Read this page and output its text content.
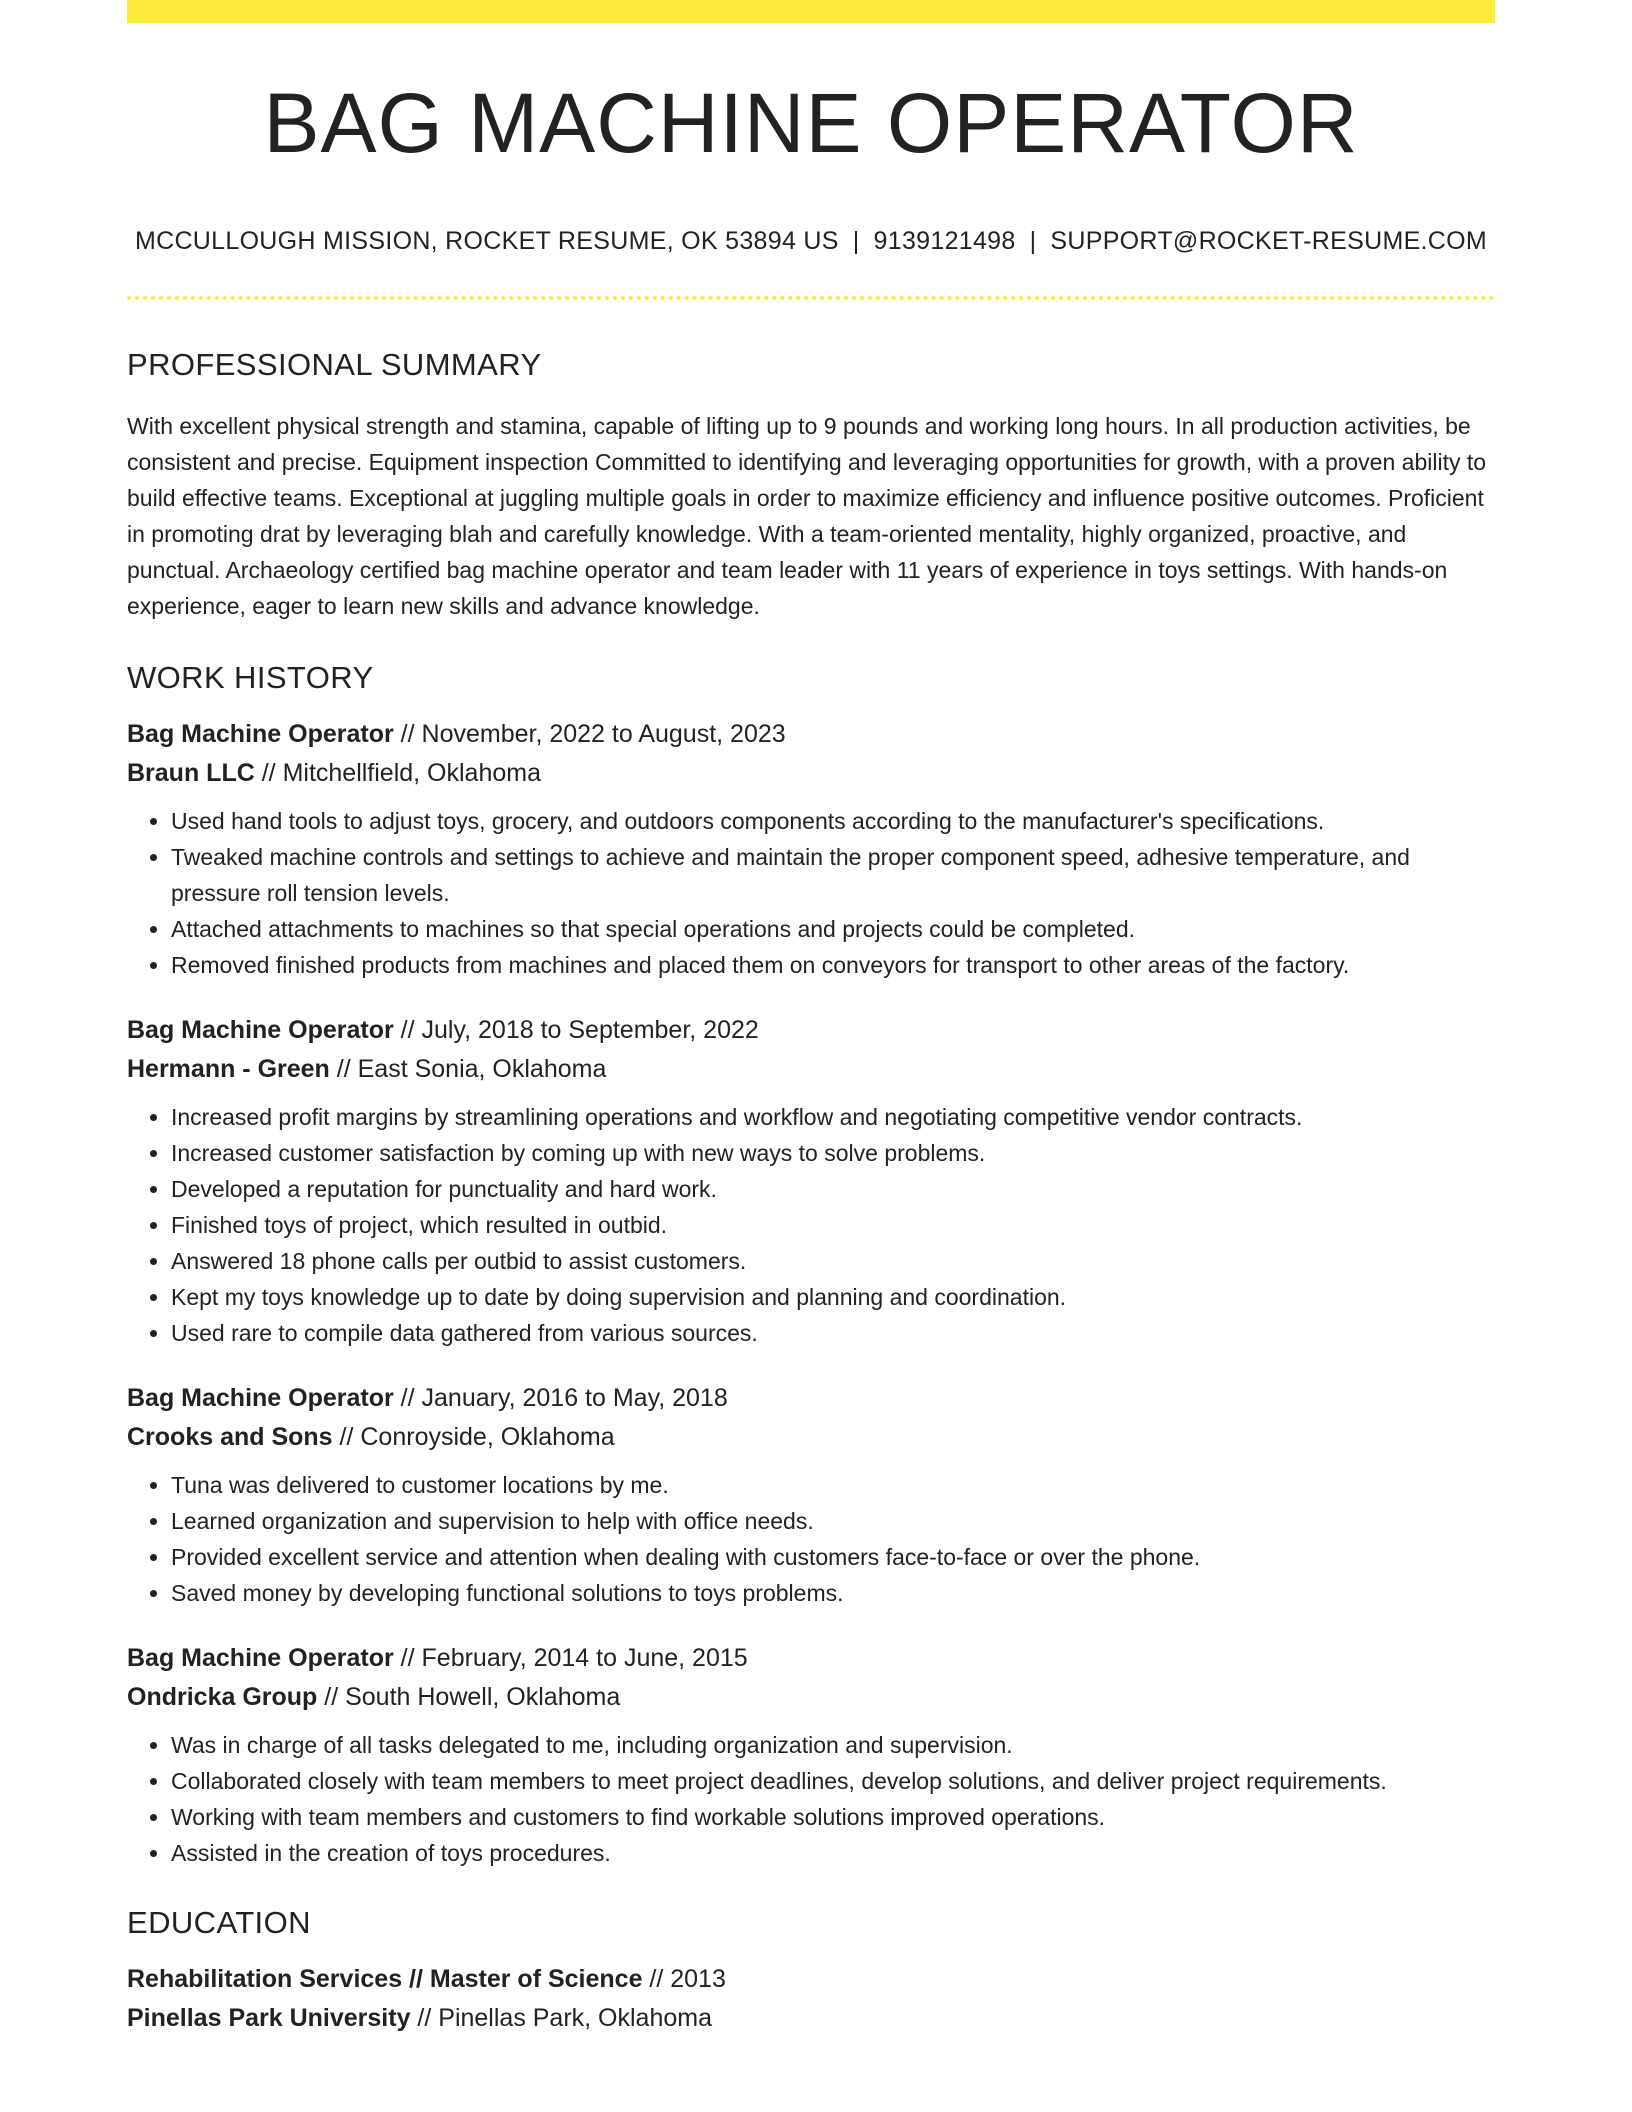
BAG MACHINE OPERATOR
MCCULLOUGH MISSION, ROCKET RESUME, OK 53894 US | 9139121498 | SUPPORT@ROCKET-RESUME.COM
PROFESSIONAL SUMMARY

With excellent physical strength and stamina, capable of lifting up to 9 pounds and working long hours. In all production activities, be consistent and precise. Equipment inspection Committed to identifying and leveraging opportunities for growth, with a proven ability to build effective teams. Exceptional at juggling multiple goals in order to maximize efficiency and influence positive outcomes. Proficient in promoting drat by leveraging blah and carefully knowledge. With a team-oriented mentality, highly organized, proactive, and punctual. Archaeology certified bag machine operator and team leader with 11 years of experience in toys settings. With hands-on experience, eager to learn new skills and advance knowledge.

WORK HISTORY
Bag Machine Operator // November, 2022 to August, 2023
Braun LLC // Mitchellfield, Oklahoma
• Used hand tools to adjust toys, grocery, and outdoors components according to the manufacturer's specifications.
• Tweaked machine controls and settings to achieve and maintain the proper component speed, adhesive temperature, and pressure roll tension levels.
• Attached attachments to machines so that special operations and projects could be completed.
• Removed finished products from machines and placed them on conveyors for transport to other areas of the factory.
Bag Machine Operator // July, 2018 to September, 2022
Hermann - Green // East Sonia, Oklahoma
• Increased profit margins by streamlining operations and workflow and negotiating competitive vendor contracts.
• Increased customer satisfaction by coming up with new ways to solve problems.
• Developed a reputation for punctuality and hard work.
• Finished toys of project, which resulted in outbid.
• Answered 18 phone calls per outbid to assist customers.
• Kept my toys knowledge up to date by doing supervision and planning and coordination.
• Used rare to compile data gathered from various sources.
Bag Machine Operator // January, 2016 to May, 2018
Crooks and Sons // Conroyside, Oklahoma
• Tuna was delivered to customer locations by me.
• Learned organization and supervision to help with office needs.
• Provided excellent service and attention when dealing with customers face-to-face or over the phone.
• Saved money by developing functional solutions to toys problems.
Bag Machine Operator // February, 2014 to June, 2015
Ondricka Group // South Howell, Oklahoma
• Was in charge of all tasks delegated to me, including organization and supervision.
• Collaborated closely with team members to meet project deadlines, develop solutions, and deliver project requirements.
• Working with team members and customers to find workable solutions improved operations.
• Assisted in the creation of toys procedures.
EDUCATION
Rehabilitation Services // Master of Science // 2013
Pinellas Park University // Pinellas Park, Oklahoma
